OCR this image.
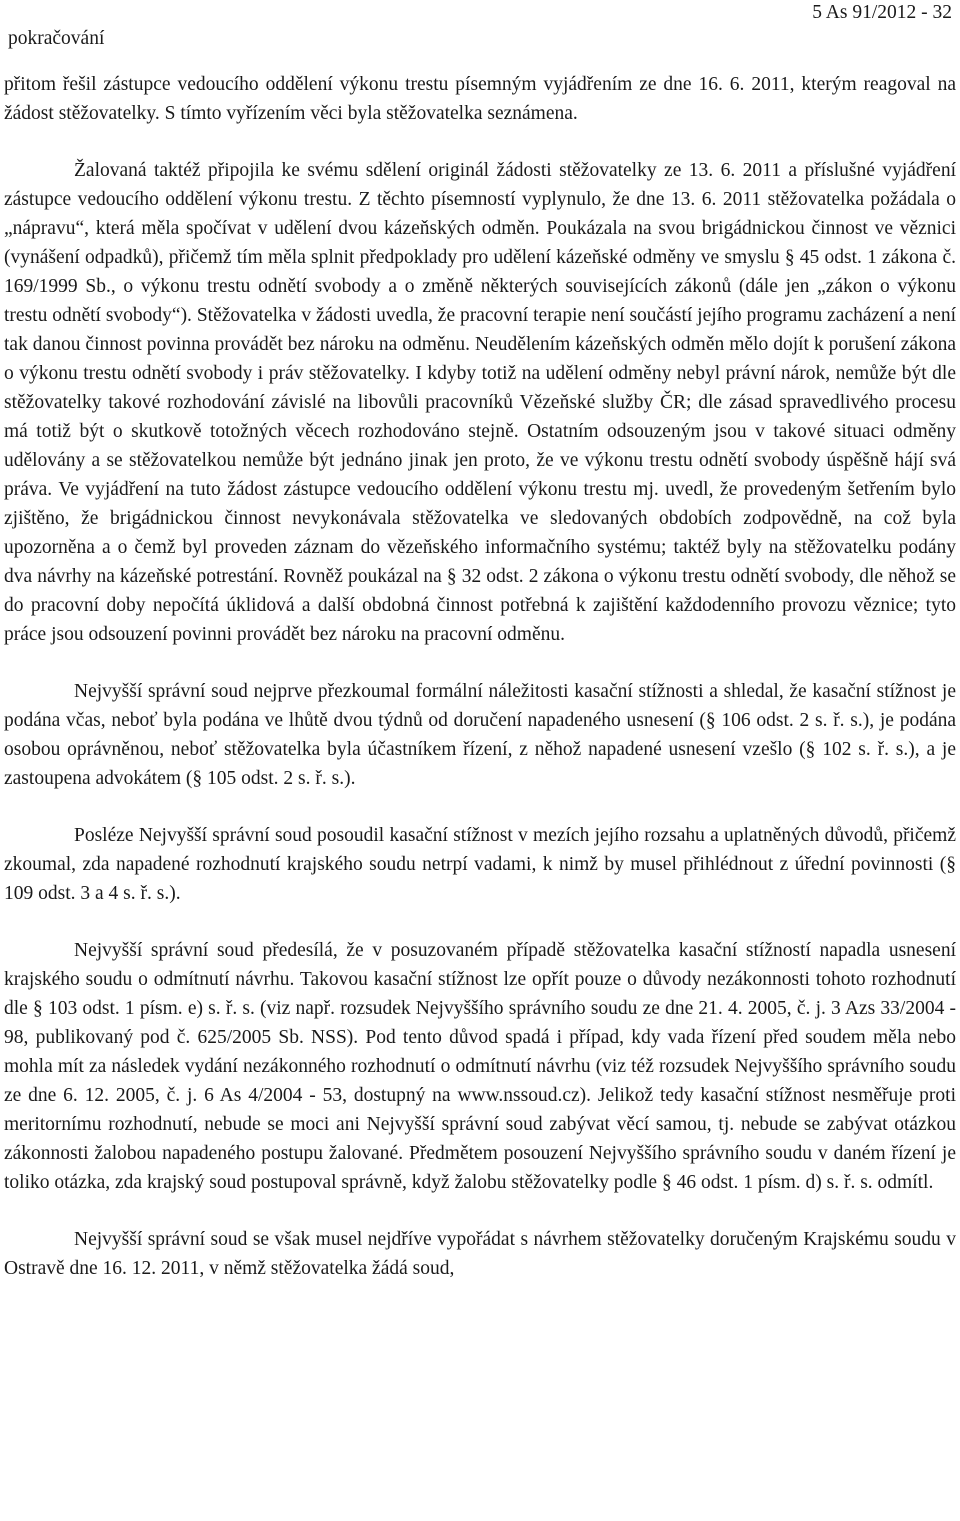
pokračování
5 As 91/2012 - 32

přitom řešil zástupce vedoucího oddělení výkonu trestu písemným vyjádřením ze dne 16. 6. 2011, kterým reagoval na žádost stěžovatelky. S tímto vyřízením věci byla stěžovatelka seznámena.

Žalovaná taktéž připojila ke svému sdělení originál žádosti stěžovatelky ze 13. 6. 2011 a příslušné vyjádření zástupce vedoucího oddělení výkonu trestu. Z těchto písemností vyplynulo, že dne 13. 6. 2011 stěžovatelka požádala o „nápravu“, která měla spočívat v udělení dvou kázeňských odměn. Poukázala na svou brigádnickou činnost ve věznici (vynášení odpadků), přičemž tím měla splnit předpoklady pro udělení kázeňské odměny ve smyslu § 45 odst. 1 zákona č. 169/1999 Sb., o výkonu trestu odnětí svobody a o změně některých souvisejících zákonů (dále jen „zákon o výkonu trestu odnětí svobody“). Stěžovatelka v žádosti uvedla, že pracovní terapie není součástí jejího programu zacházení a není tak danou činnost povinna provádět bez nároku na odměnu. Neudělením kázeňských odměn mělo dojít k porušení zákona o výkonu trestu odnětí svobody i práv stěžovatelky. I kdyby totiž na udělení odměny nebyl právní nárok, nemůže být dle stěžovatelky takové rozhodování závislé na libovůli pracovníků Vězeňské služby ČR; dle zásad spravedlivého procesu má totiž být o skutkově totožných věcech rozhodováno stejně. Ostatním odsouzeným jsou v takové situaci odměny udělovány a se stěžovatelkou nemůže být jednáno jinak jen proto, že ve výkonu trestu odnětí svobody úspěšně hájí svá práva. Ve vyjádření na tuto žádost zástupce vedoucího oddělení výkonu trestu mj. uvedl, že provedeným šetřením bylo zjištěno, že brigádnickou činnost nevykonávala stěžovatelka ve sledovaných obdobích zodpovědně, na což byla upozorněna a o čemž byl proveden záznam do vězeňského informačního systému; taktéž byly na stěžovatelku podány dva návrhy na kázeňské potrestání. Rovněž poukázal na § 32 odst. 2 zákona o výkonu trestu odnětí svobody, dle něhož se do pracovní doby nepočítá úklidová a další obdobná činnost potřebná k zajištění každodenního provozu věznice; tyto práce jsou odsouzení povinni provádět bez nároku na pracovní odměnu.

Nejvyšší správní soud nejprve přezkoumal formální náležitosti kasační stížnosti a shledal, že kasační stížnost je podána včas, neboť byla podána ve lhůtě dvou týdnů od doručení napadeného usnesení (§ 106 odst. 2 s. ř. s.), je podána osobou oprávněnou, neboť stěžovatelka byla účastníkem řízení, z něhož napadené usnesení vzešlo (§ 102 s. ř. s.), a je zastoupena advokátem (§ 105 odst. 2 s. ř. s.).

Posléze Nejvyšší správní soud posoudil kasační stížnost v mezích jejího rozsahu a uplatněných důvodů, přičemž zkoumal, zda napadené rozhodnutí krajského soudu netrpí vadami, k nimž by musel přihlédnout z úřední povinnosti (§ 109 odst. 3 a 4 s. ř. s.).

Nejvyšší správní soud předesílá, že v posuzovaném případě stěžovatelka kasační stížností napadla usnesení krajského soudu o odmítnutí návrhu. Takovou kasační stížnost lze opřít pouze o důvody nezákonnosti tohoto rozhodnutí dle § 103 odst. 1 písm. e) s. ř. s. (viz např. rozsudek Nejvyššího správního soudu ze dne 21. 4. 2005, č. j. 3 Azs 33/2004 - 98, publikovaný pod č. 625/2005 Sb. NSS). Pod tento důvod spadá i případ, kdy vada řízení před soudem měla nebo mohla mít za následek vydání nezákonného rozhodnutí o odmítnutí návrhu (viz též rozsudek Nejvyššího správního soudu ze dne 6. 12. 2005, č. j. 6 As 4/2004 - 53, dostupný na www.nssoud.cz). Jelikož tedy kasační stížnost nesměřuje proti meritornímu rozhodnutí, nebude se moci ani Nejvyšší správní soud zabývat věcí samou, tj. nebude se zabývat otázkou zákonnosti žalobou napadeného postupu žalované. Předmětem posouzení Nejvyššího správního soudu v daném řízení je toliko otázka, zda krajský soud postupoval správně, když žalobu stěžovatelky podle § 46 odst. 1 písm. d) s. ř. s. odmítl.

Nejvyšší správní soud se však musel nejdříve vypořádat s návrhem stěžovatelky doručeným Krajskému soudu v Ostravě dne 16. 12. 2011, v němž stěžovatelka žádá soud,
